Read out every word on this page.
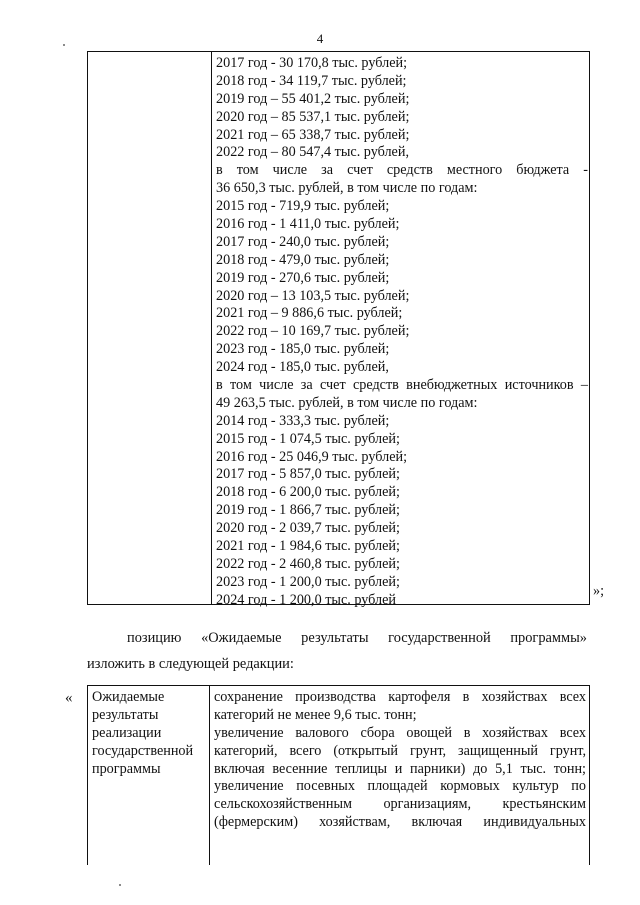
4
2017 год - 30 170,8 тыс. рублей;
2018 год - 34 119,7 тыс. рублей;
2019 год – 55 401,2 тыс. рублей;
2020 год – 85 537,1 тыс. рублей;
2021 год – 65 338,7 тыс. рублей;
2022 год – 80 547,4 тыс. рублей,
в том числе за счет средств местного бюджета -
36 650,3 тыс. рублей, в том числе по годам:
2015 год - 719,9 тыс. рублей;
2016 год - 1 411,0 тыс. рублей;
2017 год - 240,0 тыс. рублей;
2018 год - 479,0 тыс. рублей;
2019 год - 270,6 тыс. рублей;
2020 год – 13 103,5 тыс. рублей;
2021 год – 9 886,6 тыс. рублей;
2022 год – 10 169,7 тыс. рублей;
2023 год - 185,0 тыс. рублей;
2024 год - 185,0 тыс. рублей,
в том числе за счет средств внебюджетных источников –
49 263,5 тыс. рублей, в том числе по годам:
2014 год - 333,3 тыс. рублей;
2015 год - 1 074,5 тыс. рублей;
2016 год - 25 046,9 тыс. рублей;
2017 год - 5 857,0 тыс. рублей;
2018 год - 6 200,0 тыс. рублей;
2019 год - 1 866,7 тыс. рублей;
2020 год - 2 039,7 тыс. рублей;
2021 год - 1 984,6 тыс. рублей;
2022 год - 2 460,8 тыс. рублей;
2023 год - 1 200,0 тыс. рублей;
2024 год - 1 200,0 тыс. рублей
»;
позицию «Ожидаемые результаты государственной программы»
изложить в следующей редакции:
« Ожидаемые
результаты
реализации
государственной
программы
сохранение производства картофеля в хозяйствах всех
категорий не менее 9,6 тыс. тонн;
увеличение валового сбора овощей в хозяйствах всех
категорий, всего (открытый грунт, защищенный грунт,
включая весенние теплицы и парники) до 5,1 тыс. тонн;
увеличение посевных площадей кормовых культур по
сельскохозяйственным организациям, крестьянским
(фермерским) хозяйствам, включая индивидуальных
